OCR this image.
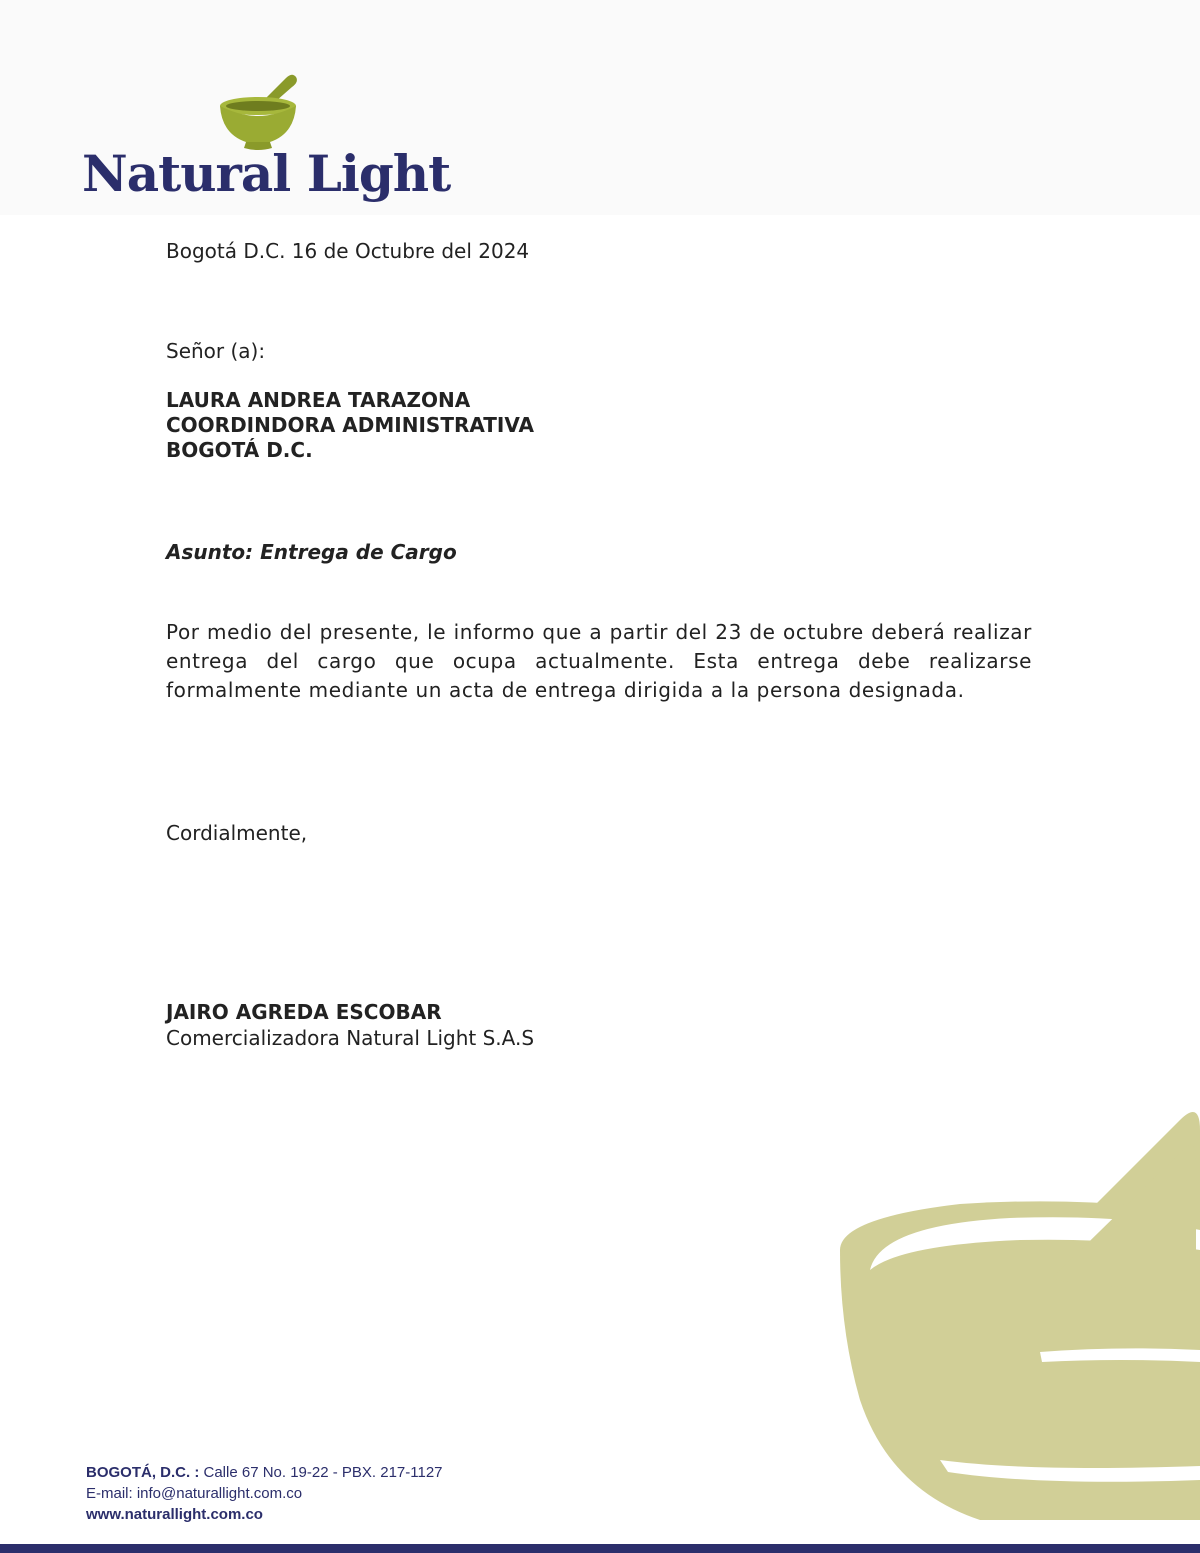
Natural Light
Bogotá D.C. 16 de Octubre del 2024
Señor (a):
LAURA ANDREA TARAZONA
COORDINDORA ADMINISTRATIVA
BOGOTÁ D.C.
Asunto: Entrega de Cargo
Por medio del presente, le informo que a partir del 23 de octubre deberá realizar entrega del cargo que ocupa actualmente. Esta entrega debe realizarse formalmente mediante un acta de entrega dirigida a la persona designada.
Cordialmente,
JAIRO AGREDA ESCOBAR
Comercializadora Natural Light S.A.S
BOGOTÁ, D.C. : Calle 67 No. 19-22 - PBX. 217-1127
E-mail: info@naturallight.com.co
www.naturallight.com.co
